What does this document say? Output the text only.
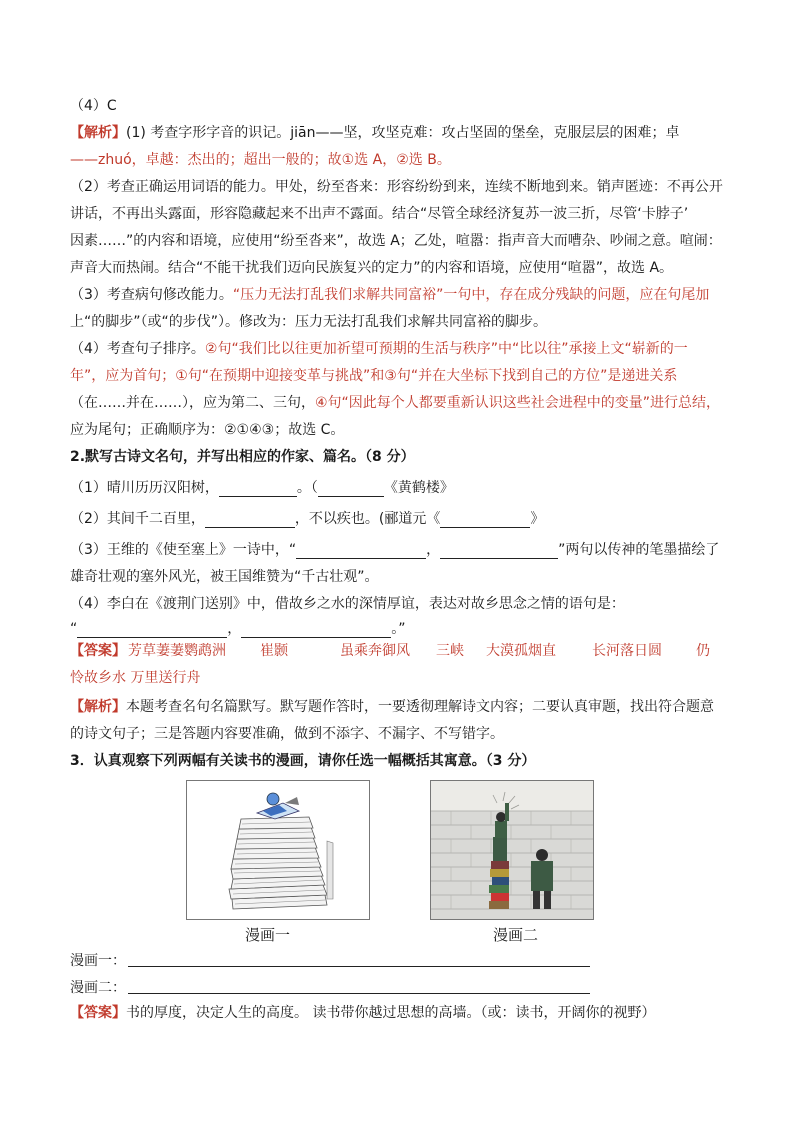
（4）C
【解析】(1) 考查字形字音的识记。jiān——坚，攻坚克难：攻占坚固的堡垒，克服层层的困难；卓
——zhuó，卓越：杰出的；超出一般的；故①选 A，②选 B。
（2）考查正确运用词语的能力。甲处，纷至沓来：形容纷纷到来，连续不断地到来。销声匿迹：不再公开
讲话，不再出头露面，形容隐藏起来不出声不露面。结合“尽管全球经济复苏一波三折，尽管‘卡脖子’
因素……”的内容和语境，应使用“纷至沓来”，故选 A；乙处，喧嚣：指声音大而嘈杂、吵闹之意。喧闹：
声音大而热闹。结合“不能干扰我们迈向民族复兴的定力”的内容和语境，应使用“喧嚣”，故选 A。
（3）考查病句修改能力。“压力无法打乱我们求解共同富裕”一句中，存在成分残缺的问题，应在句尾加
上“的脚步”（或“的步伐”）。修改为：压力无法打乱我们求解共同富裕的脚步。
（4）考查句子排序。②句“我们比以往更加祈望可预期的生活与秩序”中“比以往”承接上文“崭新的一
年”，应为首句；①句“在预期中迎接变革与挑战”和③句“并在大坐标下找到自己的方位”是递进关系
（在……并在……），应为第二、三句，④句“因此每个人都要重新认识这些社会进程中的变量”进行总结，
应为尾句；正确顺序为：②①④③；故选 C。
2.默写古诗文名句，并写出相应的作家、篇名。（8 分）
（1）晴川历历汉阳树，	。（	《黄鹤楼》
（2）其间千二百里，	，不以疾也。(郦道元《	》
（3）王维的《使至塞上》一诗中，“	，	”两句以传神的笔墨描绘了
雄奇壮观的塞外风光，被王国维赞为“千古壮观”。
（4）李白在《渡荆门送别》中，借故乡之水的深情厚谊，表达对故乡思念之情的语句是：
“	，	。”
【答案】 芳草萋萋鹦鹉洲 崔颢	虽乘奔御风 三峡 大漠孤烟直	长河落日圆 仍
怜故乡水 万里送行舟
【解析】本题考查名句名篇默写。默写题作答时，一要透彻理解诗文内容；二要认真审题，找出符合题意
的诗文句子；三是答题内容要准确，做到不添字、不漏字、不写错字。
3．认真观察下列两幅有关读书的漫画，请你任选一幅概括其寓意。（3 分）
漫画一	漫画二
漫画一：
漫画二：
【答案】书的厚度，决定人生的高度。 读书带你越过思想的高墙。（或：读书，开阔你的视野）
